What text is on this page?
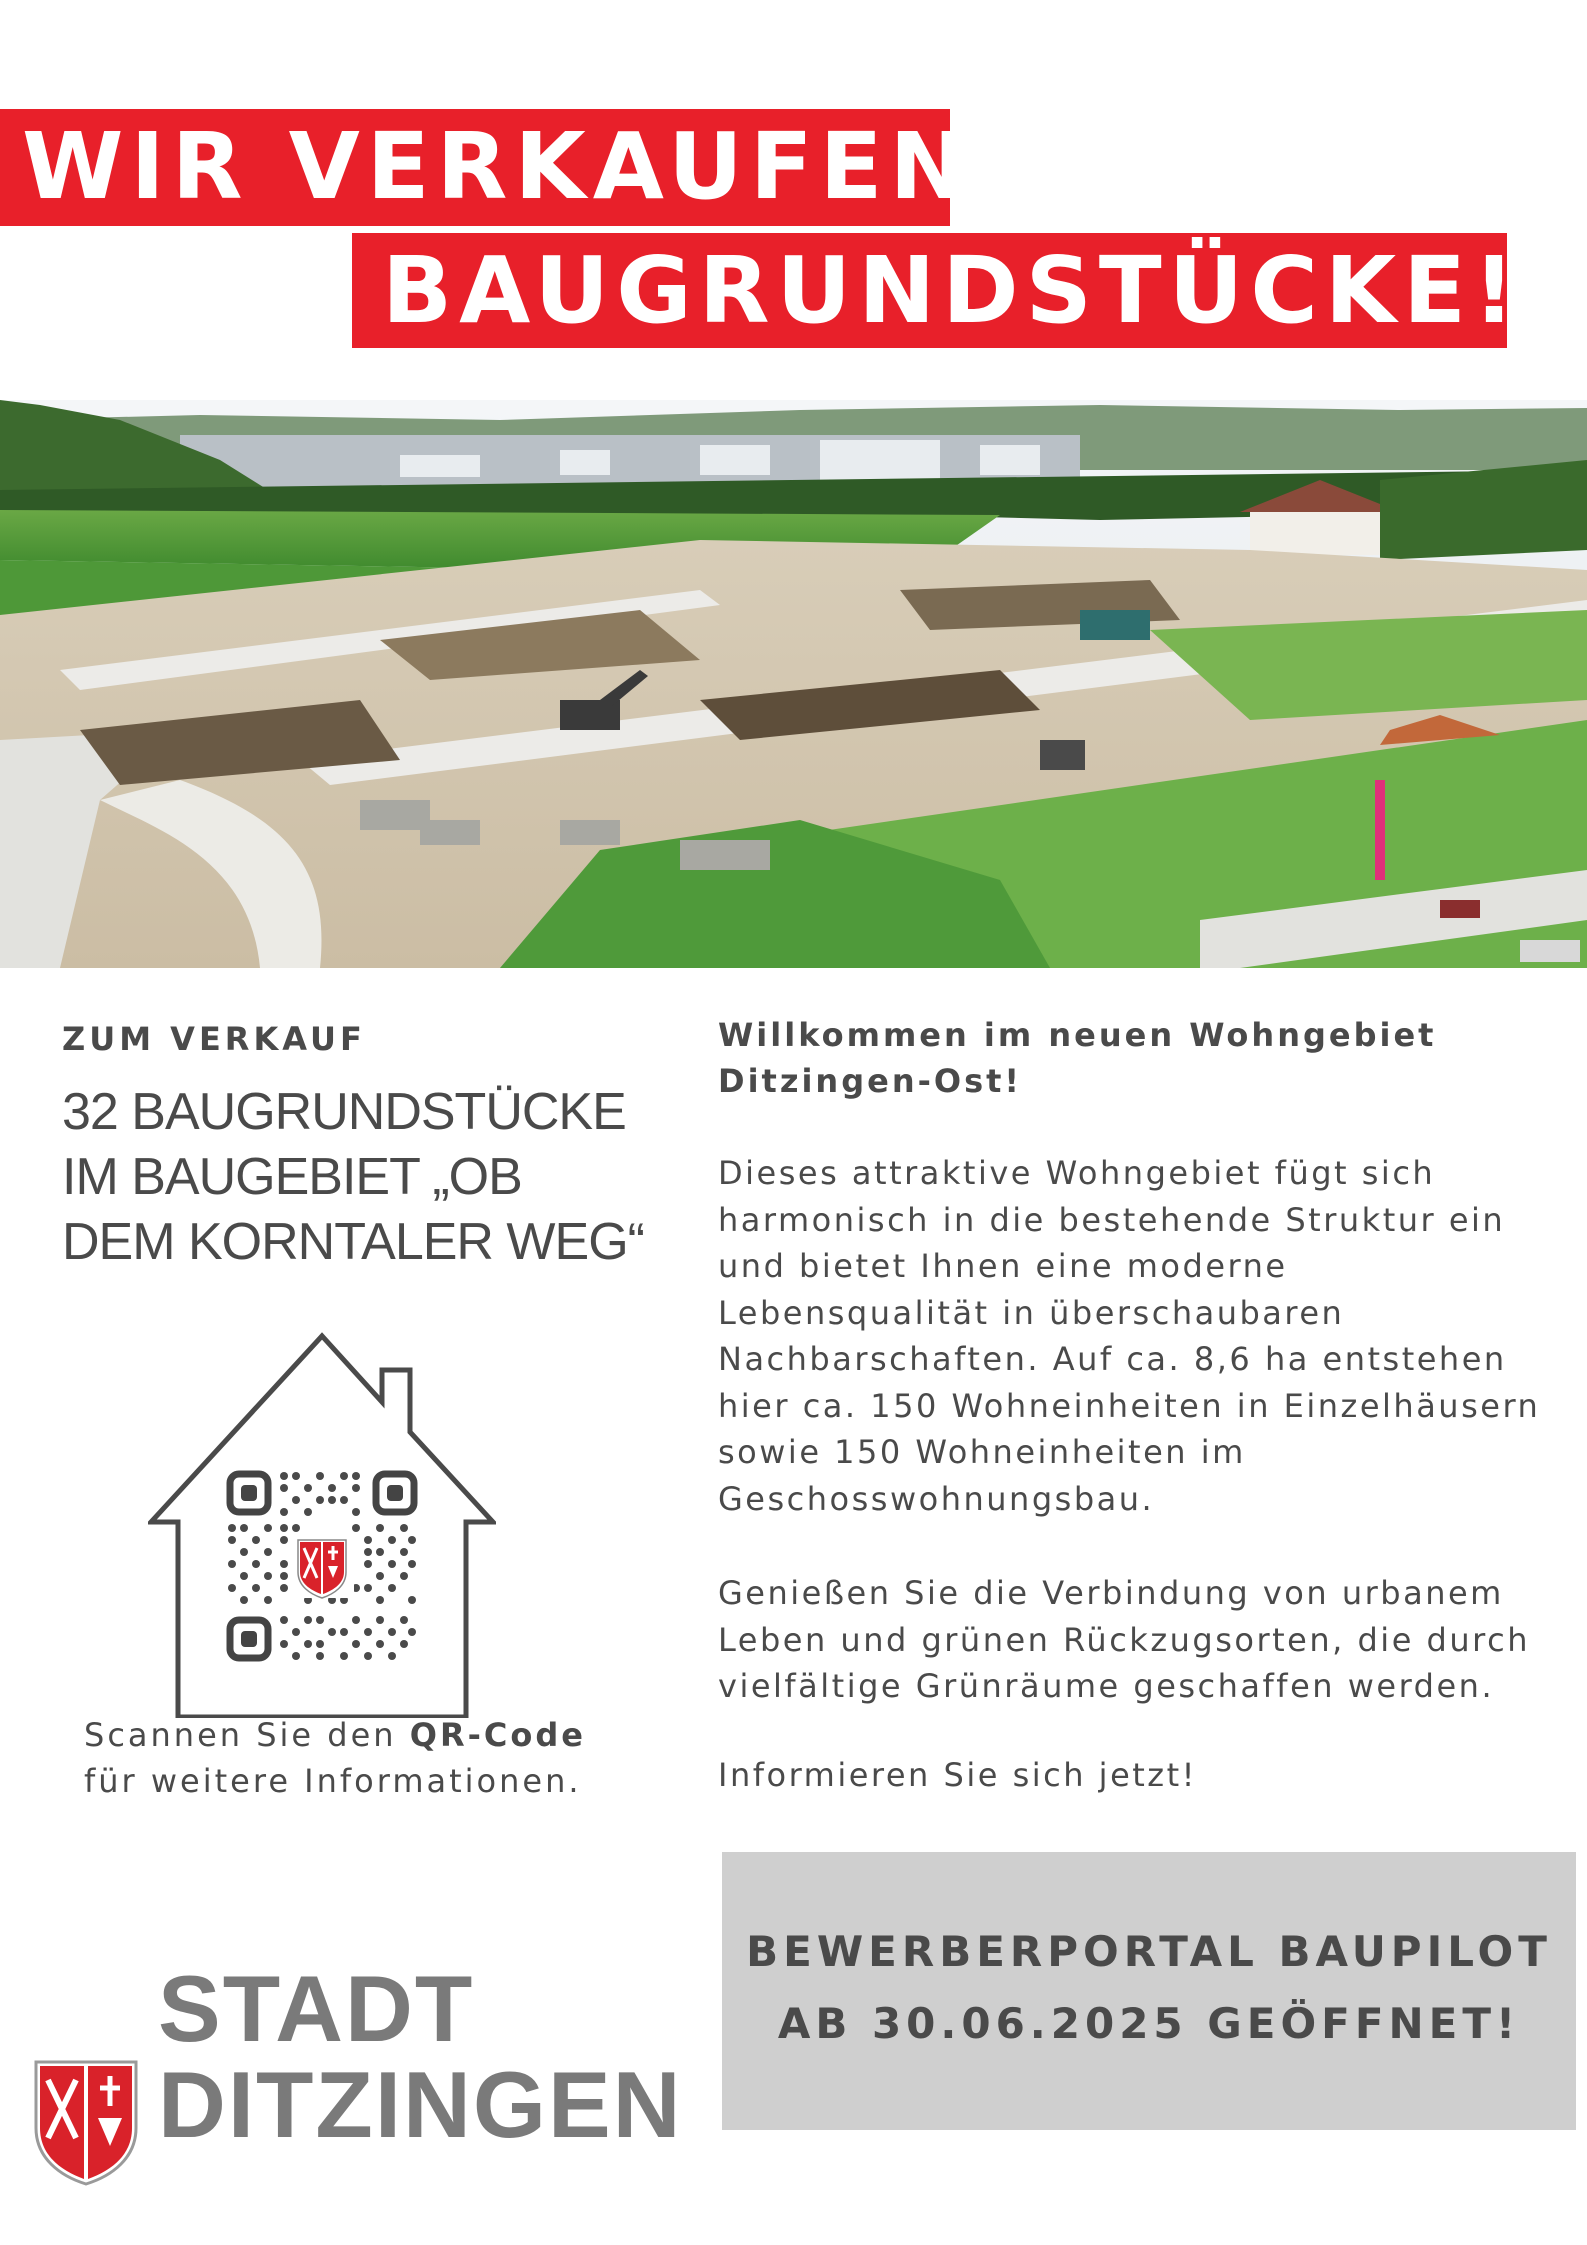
WIR VERKAUFEN
BAUGRUNDSTÜCKE!
ZUM VERKAUF
32 BAUGRUNDSTÜCKE
IM BAUGEBIET „OB
DEM KORNTALER WEG“
Scannen Sie den QR-Code
für weitere Informationen.
Willkommen im neuen Wohngebiet
Ditzingen-Ost!
Dieses attraktive Wohngebiet fügt sich
harmonisch in die bestehende Struktur ein
und bietet Ihnen eine moderne
Lebensqualität in überschaubaren
Nachbarschaften. Auf ca. 8,6 ha entstehen
hier ca. 150 Wohneinheiten in Einzelhäusern
sowie 150 Wohneinheiten im
Geschosswohnungsbau.
Genießen Sie die Verbindung von urbanem
Leben und grünen Rückzugsorten, die durch
vielfältige Grünräume geschaffen werden.
Informieren Sie sich jetzt!
BEWERBERPORTAL BAUPILOT
AB 30.06.2025 GEÖFFNET!
STADT
DITZINGEN
